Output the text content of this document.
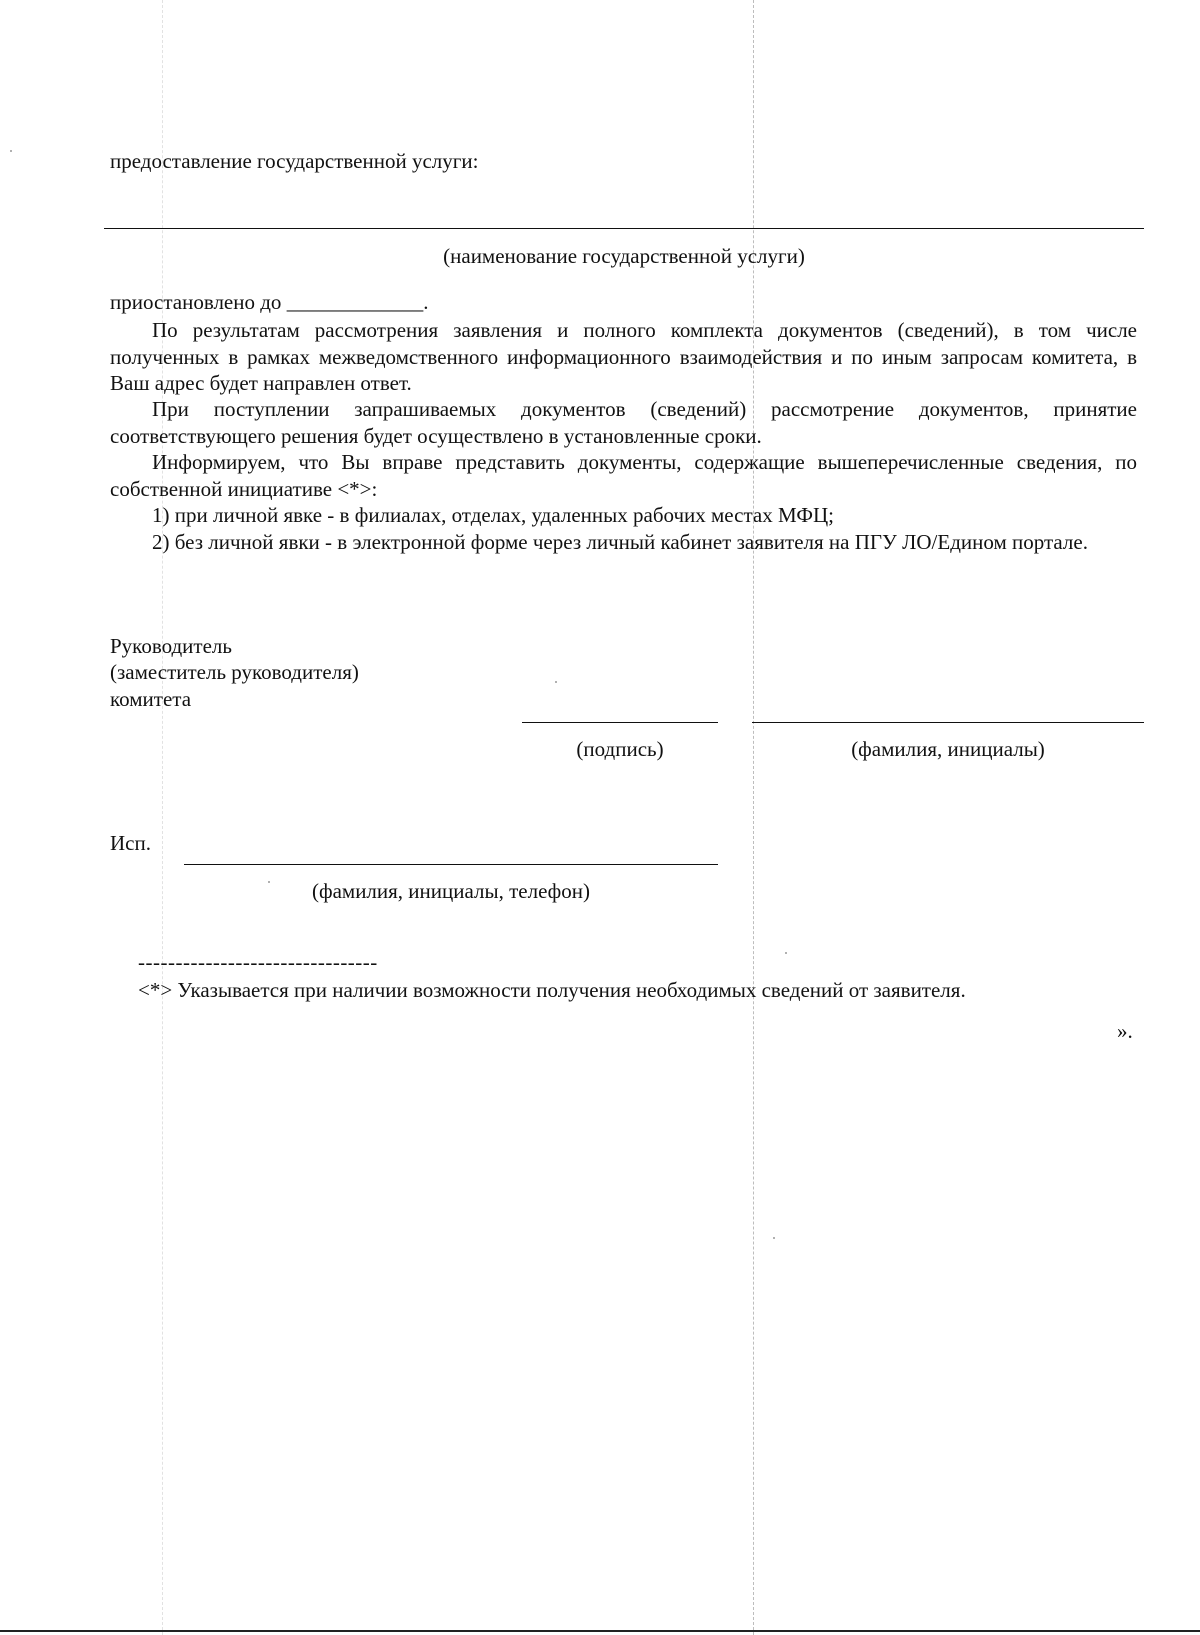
предоставление государственной услуги:
(наименование государственной услуги)
приостановлено до _____________.
По результатам рассмотрения заявления и полного комплекта документов (сведений), в том числе полученных в рамках межведомственного информационного взаимодействия и по иным запросам комитета, в Ваш адрес будет направлен ответ.
При поступлении запрашиваемых документов (сведений) рассмотрение документов, принятие соответствующего решения будет осуществлено в установленные сроки.
Информируем, что Вы вправе представить документы, содержащие вышеперечисленные сведения, по собственной инициативе <*>:
1) при личной явке - в филиалах, отделах, удаленных рабочих местах МФЦ;
2) без личной явки - в электронной форме через личный кабинет заявителя на ПГУ ЛО/Едином портале.
Руководитель
(заместитель руководителя)
комитета
(подпись)	(фамилия, инициалы)
Исп.
(фамилия, инициалы, телефон)
--------------------------------
<*> Указывается при наличии возможности получения необходимых сведений от заявителя.
».
